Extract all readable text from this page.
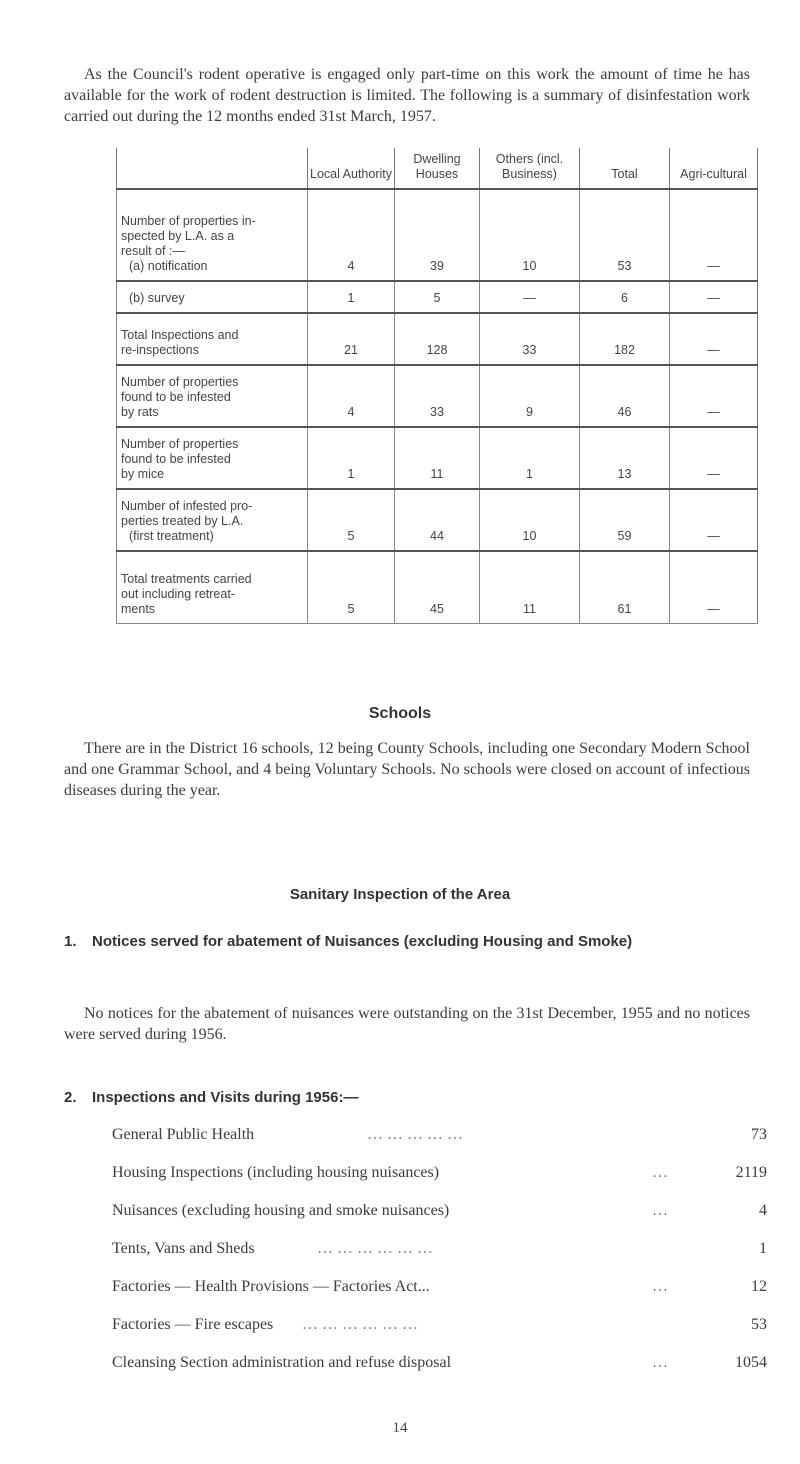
As the Council's rodent operative is engaged only part-time on this work the amount of time he has available for the work of rodent destruction is limited. The following is a summary of disinfestation work carried out during the 12 months ended 31st March, 1957.

	Local Authority	Dwelling Houses	Others (incl. Business)	Total	Agri-cultural

Number of properties in-
spected by L.A. as a
result of :—
(a) notification	4	39	10	53	—

(b) survey	1	5	—	6	—

Total Inspections and
re-inspections	21	128	33	182	—

Number of properties
found to be infested
by rats	4	33	9	46	—

Number of properties
found to be infested
by mice	1	11	1	13	—

Number of infested pro-
perties treated by L.A.
(first treatment)	5	44	10	59	—

Total treatments carried
out including retreat-
ments	5	45	11	61	—
Schools

There are in the District 16 schools, 12 being County Schools, including one Secondary Modern School and one Grammar School, and 4 being Voluntary Schools. No schools were closed on account of infectious diseases during the year.

Sanitary Inspection of the Area
1. Notices served for abatement of Nuisances (excluding Housing and Smoke)

No notices for the abatement of nuisances were outstanding on the 31st December, 1955 and no notices were served during 1956.

2. Inspections and Visits during 1956:—
General Public Health	… … … … …	73
Housing Inspections (including housing nuisances)	…	2119
Nuisances (excluding housing and smoke nuisances)	…	4
Tents, Vans and Sheds	… … … … … …	1
Factories — Health Provisions — Factories Act...	…	12
Factories — Fire escapes … … … … … …	53
Cleansing Section administration and refuse disposal	…	1054
14
